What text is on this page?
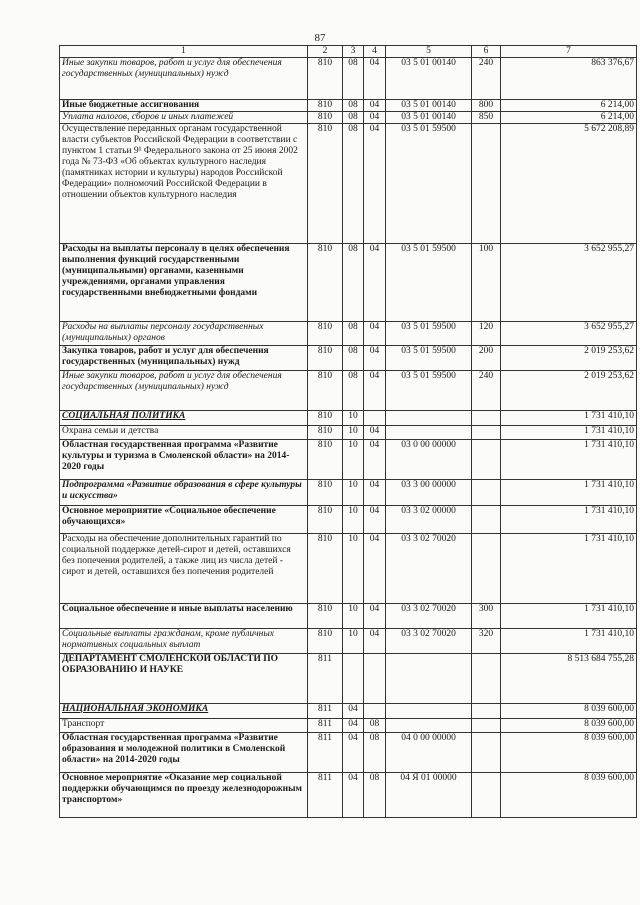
87
1	2	3	4	5	6	7
Иные закупки товаров, работ и услуг для обеспечения государственных (муниципальных) нужд	810	08	04	03 5 01 00140	240	863 376,67
Иные бюджетные ассигнования	810	08	04	03 5 01 00140	800	6 214,00
Уплата налогов, сборов и иных платежей	810	08	04	03 5 01 00140	850	6 214,00
Осуществление переданных органам государственной власти субъектов Российской Федерации в соответствии с пунктом 1 статьи 9¹ Федерального закона от 25 июня 2002 года № 73-ФЗ «Об объектах культурного наследия (памятниках истории и культуры) народов Российской Федерации» полномочий Российской Федерации в отношении объектов культурного наследия	810	08	04	03 5 01 59500		5 672 208,89
Расходы на выплаты персоналу в целях обеспечения выполнения функций государственными (муниципальными) органами, казенными учреждениями, органами управления государственными внебюджетными фондами	810	08	04	03 5 01 59500	100	3 652 955,27
Расходы на выплаты персоналу государственных (муниципальных) органов	810	08	04	03 5 01 59500	120	3 652 955,27
Закупка товаров, работ и услуг для обеспечения государственных (муниципальных) нужд	810	08	04	03 5 01 59500	200	2 019 253,62
Иные закупки товаров, работ и услуг для обеспечения государственных (муниципальных) нужд	810	08	04	03 5 01 59500	240	2 019 253,62
СОЦИАЛЬНАЯ ПОЛИТИКА	810	10				1 731 410,10
Охрана семьи и детства	810	10	04			1 731 410,10
Областная государственная программа «Развитие культуры и туризма в Смоленской области» на 2014-2020 годы	810	10	04	03 0 00 00000		1 731 410,10
Подпрограмма «Развитие образования в сфере культуры и искусства»	810	10	04	03 3 00 00000		1 731 410,10
Основное мероприятие «Социальное обеспечение обучающихся»	810	10	04	03 3 02 00000		1 731 410,10
Расходы на обеспечение дополнительных гарантий по социальной поддержке детей-сирот и детей, оставшихся без попечения родителей, а также лиц из числа детей - сирот и детей, оставшихся без попечения родителей	810	10	04	03 3 02 70020		1 731 410,10
Социальное обеспечение и иные выплаты населению	810	10	04	03 3 02 70020	300	1 731 410,10
Социальные выплаты гражданам, кроме публичных нормативных социальных выплат	810	10	04	03 3 02 70020	320	1 731 410,10
ДЕПАРТАМЕНТ СМОЛЕНСКОЙ ОБЛАСТИ ПО ОБРАЗОВАНИЮ И НАУКЕ	811					8 513 684 755,28
НАЦИОНАЛЬНАЯ ЭКОНОМИКА	811	04				8 039 600,00
Транспорт	811	04	08			8 039 600,00
Областная государственная программа «Развитие образования и молодежной политики в Смоленской области» на 2014-2020 годы	811	04	08	04 0 00 00000		8 039 600,00
Основное мероприятие «Оказание мер социальной поддержки обучающимся по проезду железнодорожным транспортом»	811	04	08	04 Я 01 00000		8 039 600,00
